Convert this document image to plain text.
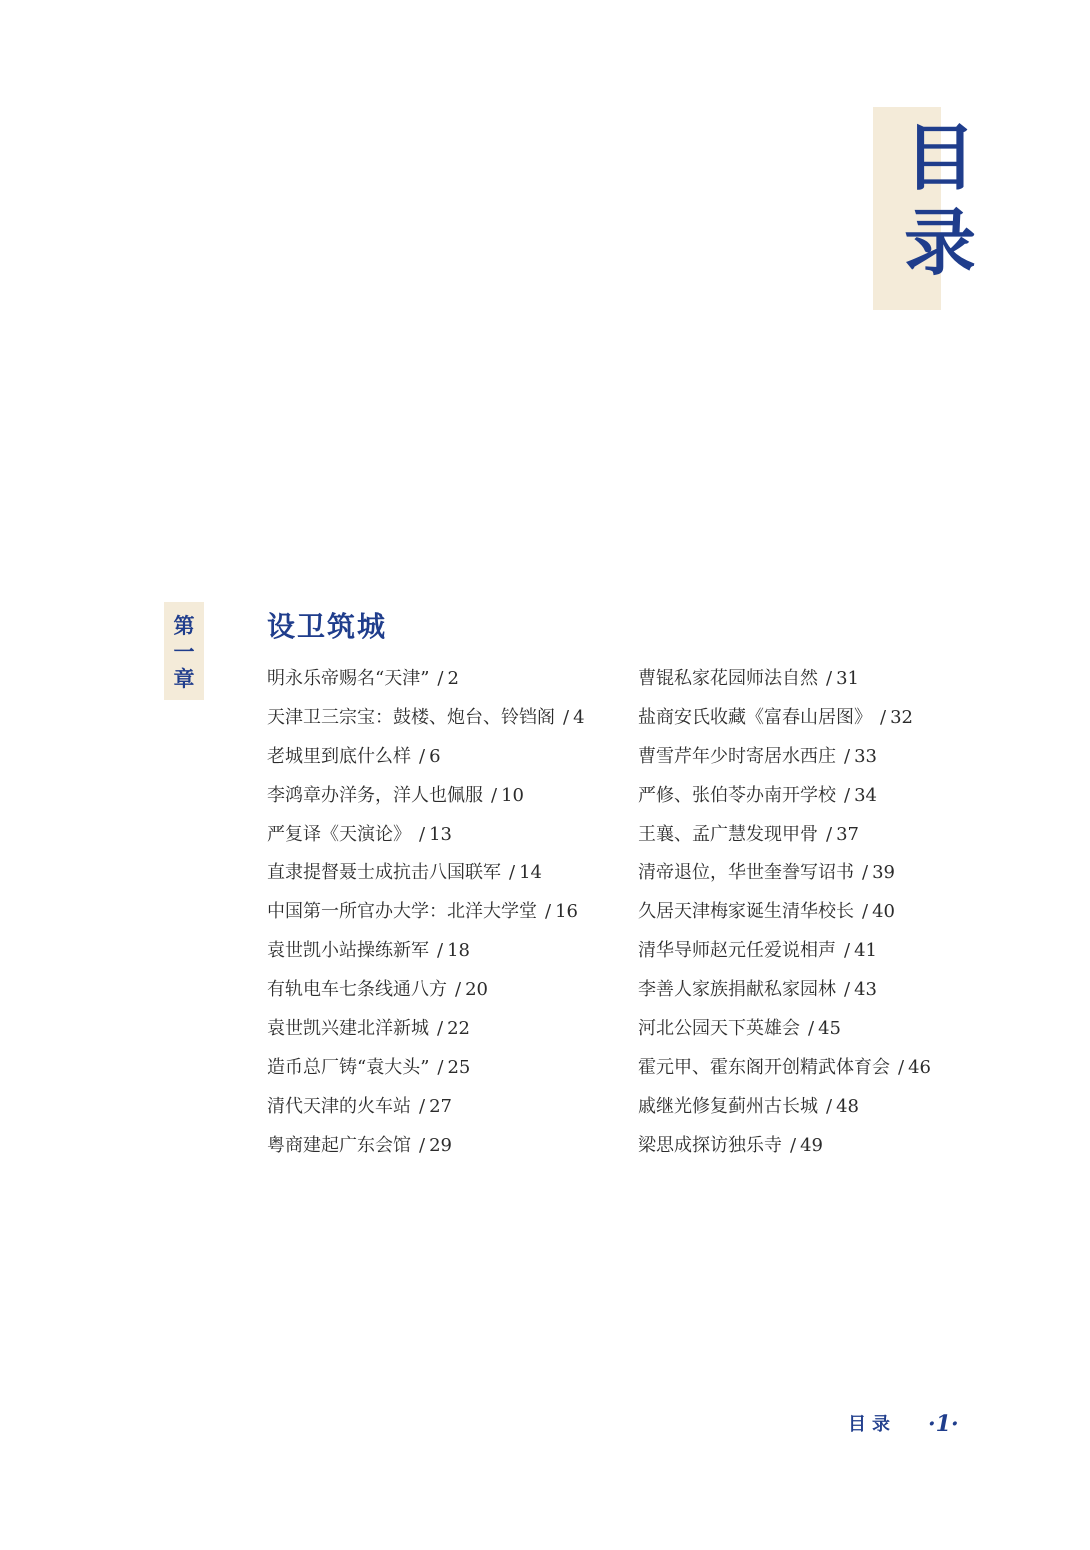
目
录
第
一
章
设卫筑城
明永乐帝赐名“天津” / 2
天津卫三宗宝：鼓楼、炮台、铃铛阁 / 4
老城里到底什么样 / 6
李鸿章办洋务，洋人也佩服 / 10
严复译《天演论》 / 13
直隶提督聂士成抗击八国联军 / 14
中国第一所官办大学：北洋大学堂 / 16
袁世凯小站操练新军 / 18
有轨电车七条线通八方 / 20
袁世凯兴建北洋新城 / 22
造币总厂铸“袁大头” / 25
清代天津的火车站 / 27
粤商建起广东会馆 / 29
曹锟私家花园师法自然 / 31
盐商安氏收藏《富春山居图》 / 32
曹雪芹年少时寄居水西庄 / 33
严修、张伯苓办南开学校 / 34
王襄、孟广慧发现甲骨 / 37
清帝退位，华世奎誊写诏书 / 39
久居天津梅家诞生清华校长 / 40
清华导师赵元任爱说相声 / 41
李善人家族捐献私家园林 / 43
河北公园天下英雄会 / 45
霍元甲、霍东阁开创精武体育会 / 46
戚继光修复蓟州古长城 / 48
梁思成探访独乐寺 / 49
目录 ·1·
